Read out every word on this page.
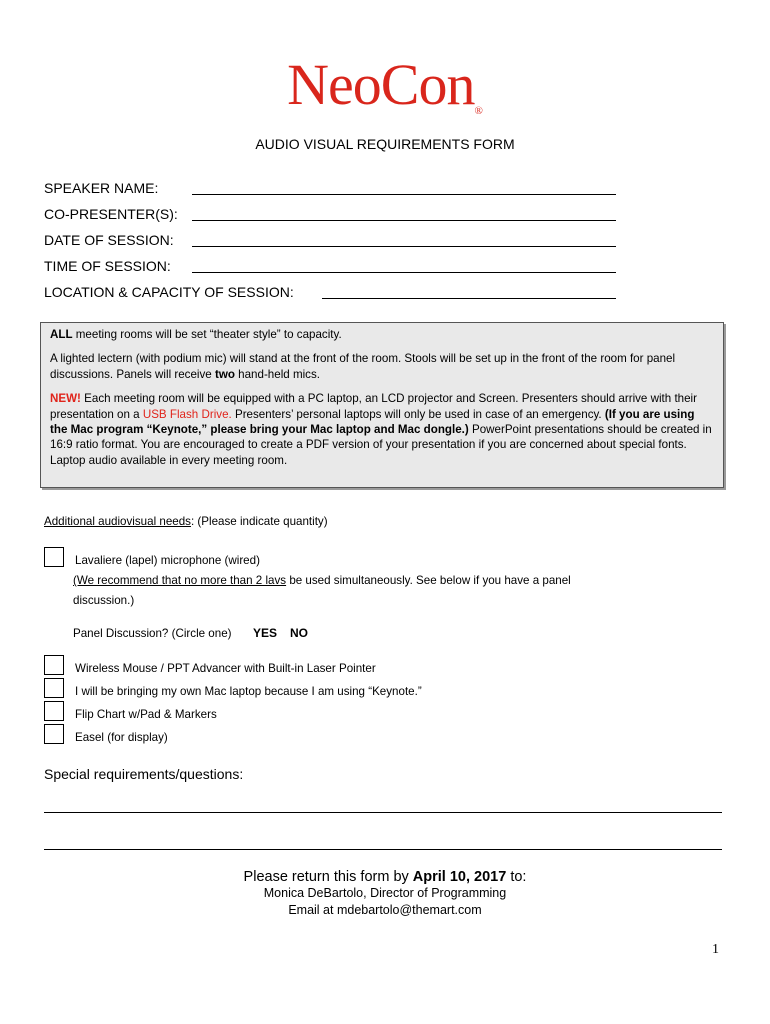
NeoCon®
AUDIO VISUAL REQUIREMENTS FORM
SPEAKER NAME:
CO-PRESENTER(S):
DATE OF SESSION:
TIME OF SESSION:
LOCATION & CAPACITY OF SESSION:

ALL meeting rooms will be set “theater style” to capacity.

A lighted lectern (with podium mic) will stand at the front of the room. Stools will be set up in the front of the room for panel discussions. Panels will receive two hand-held mics.

NEW! Each meeting room will be equipped with a PC laptop, an LCD projector and Screen. Presenters should arrive with their presentation on a USB Flash Drive. Presenters’ personal laptops will only be used in case of an emergency. (If you are using the Mac program “Keynote,” please bring your Mac laptop and Mac dongle.) PowerPoint presentations should be created in 16:9 ratio format. You are encouraged to create a PDF version of your presentation if you are concerned about special fonts. Laptop audio available in every meeting room.

Additional audiovisual needs: (Please indicate quantity)
Lavaliere (lapel) microphone (wired)
(We recommend that no more than 2 lavs be used simultaneously. See below if you have a panel
discussion.)
Panel Discussion? (Circle one) YES NO
Wireless Mouse / PPT Advancer with Built-in Laser Pointer
I will be bringing my own Mac laptop because I am using “Keynote.”
Flip Chart w/Pad & Markers
Easel (for display)
Special requirements/questions:
Please return this form by April 10, 2017 to:
Monica DeBartolo, Director of Programming
Email at mdebartolo@themart.com
1
